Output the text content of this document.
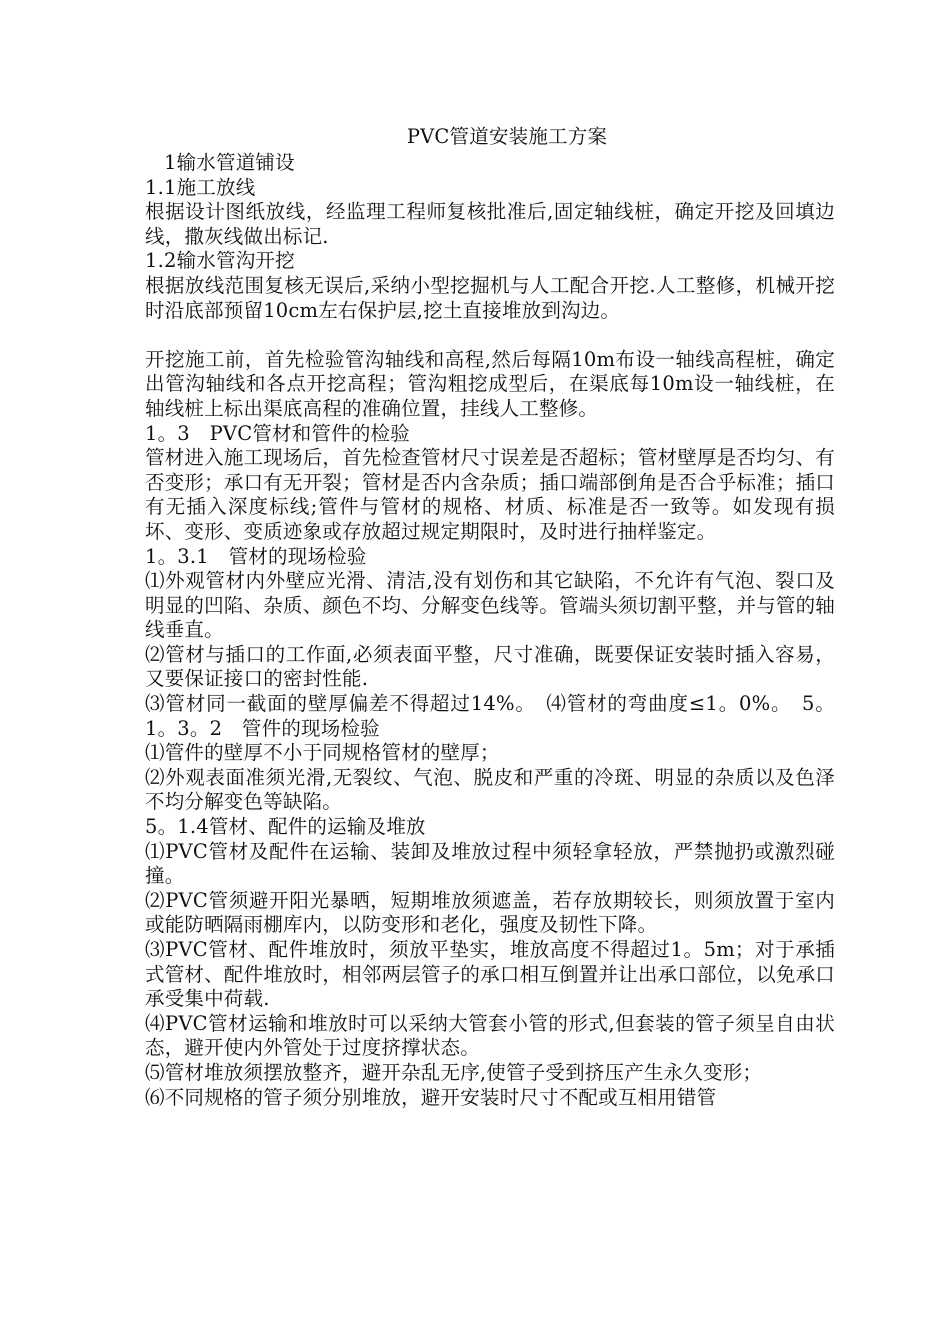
PVC管道安装施工方案

1输水管道铺设

1.1施工放线

根据设计图纸放线，经监理工程师复核批准后,固定轴线桩，确定开挖及回填边线，撒灰线做出标记.

1.2输水管沟开挖

根据放线范围复核无误后,采纳小型挖掘机与人工配合开挖.人工整修，机械开挖时沿底部预留10cm左右保护层,挖土直接堆放到沟边。

开挖施工前，首先检验管沟轴线和高程,然后每隔10m布设一轴线高程桩，确定出管沟轴线和各点开挖高程；管沟粗挖成型后，在渠底每10m设一轴线桩，在轴线桩上标出渠底高程的准确位置，挂线人工整修。

1。3　PVC管材和管件的检验

管材进入施工现场后，首先检查管材尺寸误差是否超标；管材壁厚是否均匀、有否变形；承口有无开裂；管材是否内含杂质；插口端部倒角是否合乎标准；插口有无插入深度标线;管件与管材的规格、材质、标准是否一致等。如发现有损坏、变形、变质迹象或存放超过规定期限时，及时进行抽样鉴定。

1。3.1　管材的现场检验

⑴外观管材内外壁应光滑、清洁,没有划伤和其它缺陷，不允许有气泡、裂口及明显的凹陷、杂质、颜色不均、分解变色线等。管端头须切割平整，并与管的轴线垂直。

⑵管材与插口的工作面,必须表面平整，尺寸准确，既要保证安装时插入容易，又要保证接口的密封性能.

⑶管材同一截面的壁厚偏差不得超过14%。　⑷管材的弯曲度≤1。0%。　5。1。3。2　管件的现场检验

⑴管件的壁厚不小于同规格管材的壁厚；

⑵外观表面准须光滑,无裂纹、气泡、脱皮和严重的冷斑、明显的杂质以及色泽不均分解变色等缺陷。

5。1.4管材、配件的运输及堆放

⑴PVC管材及配件在运输、装卸及堆放过程中须轻拿轻放，严禁抛扔或激烈碰撞。

⑵PVC管须避开阳光暴晒，短期堆放须遮盖，若存放期较长，则须放置于室内或能防晒隔雨棚库内，以防变形和老化，强度及韧性下降。

⑶PVC管材、配件堆放时，须放平垫实，堆放高度不得超过1。5m；对于承插式管材、配件堆放时，相邻两层管子的承口相互倒置并让出承口部位，以免承口承受集中荷载.

⑷PVC管材运输和堆放时可以采纳大管套小管的形式,但套装的管子须呈自由状态，避开使内外管处于过度挤撑状态。

⑸管材堆放须摆放整齐，避开杂乱无序,使管子受到挤压产生永久变形；

⑹不同规格的管子须分别堆放，避开安装时尺寸不配或互相用错管
